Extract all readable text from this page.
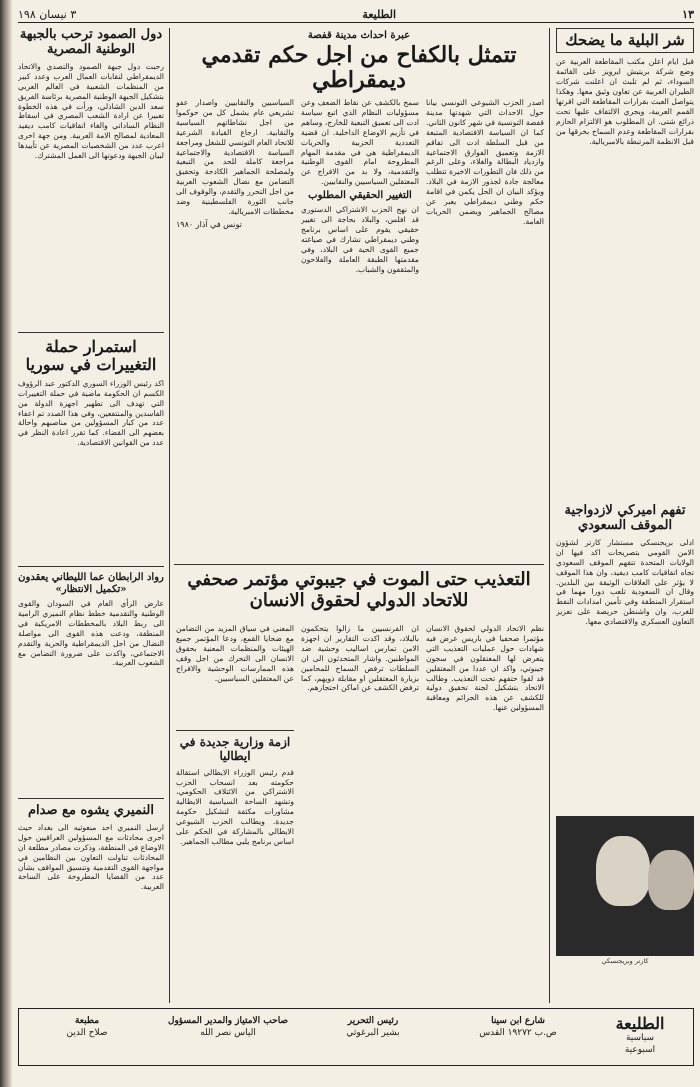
١٣
الطليعة
٣ نيسان ١٩٨
شر البلية ما يضحك

قبل ايام اعلن مكتب المقاطعة العربية عن وضع شركة بريتيش ايرويز على القائمة السوداء، ثم لم تلبث ان اعلنت شركات الطيران العربية عن تعاون وثيق معها. وهكذا يتواصل العبث بقرارات المقاطعة التي اقرتها القمم العربية، ويجري الالتفاف عليها تحت ذرائع شتى. ان المطلوب هو الالتزام الحازم بقرارات المقاطعة وعدم السماح بخرقها من قبل الانظمة المرتبطة بالامبريالية.

تفهم اميركي لازدواجية الموقف السعودي

ادلى بريجنسكي مستشار كارتر لشؤون الامن القومي بتصريحات اكد فيها ان الولايات المتحدة تتفهم الموقف السعودي تجاه اتفاقيات كامب ديفيد، وان هذا الموقف لا يؤثر على العلاقات الوثيقة بين البلدين. وقال ان السعودية تلعب دورا مهما في استقرار المنطقة وفي تأمين امدادات النفط للغرب، وان واشنطن حريصة على تعزيز التعاون العسكري والاقتصادي معها.

كارتر وبريجنسكي
عبرة احداث مدينة قفصة
تتمثل بالكفاح من اجل حكم تقدمي ديمقراطي

اصدر الحزب الشيوعي التونسي بيانا حول الاحداث التي شهدتها مدينة قفصة التونسية في شهر كانون الثاني. كما ان السياسة الاقتصادية المتبعة من قبل السلطة ادت الى تفاقم الازمة وتعميق الفوارق الاجتماعية وازدياد البطالة والغلاء، وعلى الرغم من ذلك فان التطورات الاخيرة تتطلب معالجة جادة لجذور الازمة في البلاد. ويؤكد البيان ان الحل يكمن في اقامة حكم وطني ديمقراطي يعبر عن مصالح الجماهير ويضمن الحريات العامة.

سمح بالكشف عن نقاط الضعف وعن مسؤوليات النظام الذي اتبع سياسة ادت الى تعميق التبعية للخارج، وساهم في تأزيم الاوضاع الداخلية. ان قضية التعددية الحزبية والحريات الديمقراطية هي في مقدمة المهام المطروحة امام القوى الوطنية والتقدمية، ولا بد من الافراج عن المعتقلين السياسيين والنقابيين.

التغيير الحقيقي المطلوب

ان نهج الحزب الاشتراكي الدستوري قد افلس، والبلاد بحاجة الى تغيير حقيقي يقوم على اساس برنامج وطني ديمقراطي تشارك في صياغته جميع القوى الحية في البلاد، وفي مقدمتها الطبقة العاملة والفلاحون والمثقفون والشباب.

السياسيين والنقابيين واصدار عفو تشريعي عام يشمل كل من حوكموا من اجل نشاطاتهم السياسية والنقابية. ارجاع القيادة الشرعية للاتحاد العام التونسي للشغل ومراجعة السياسة الاقتصادية والاجتماعية مراجعة كاملة للحد من التبعية ولمصلحة الجماهير الكادحة وتحقيق التضامن مع نضال الشعوب العربية من اجل التحرر والتقدم، والوقوف الى جانب الثورة الفلسطينية وضد مخططات الامبريالية.

تونس في آذار ١٩٨٠
دول الصمود ترحب بالجبهة الوطنية المصرية

رحبت دول جبهة الصمود والتصدي والاتحاد الديمقراطي لنقابات العمال العرب وعدد كبير من المنظمات الشعبية في العالم العربي بتشكيل الجبهة الوطنية المصرية برئاسة الفريق سعد الدين الشاذلي، ورأت في هذه الخطوة تعبيرا عن ارادة الشعب المصري في اسقاط النظام الساداتي والغاء اتفاقيات كامب ديفيد المعادية لمصالح الامة العربية. ومن جهة اخرى اعرب عدد من الشخصيات المصرية عن تأييدها لبيان الجبهة ودعوتها الى العمل المشترك.

استمرار حملة التغييرات في سوريا

اكد رئيس الوزراء السوري الدكتور عبد الرؤوف الكسم ان الحكومة ماضية في حملة التغييرات التي تهدف الى تطهير اجهزة الدولة من الفاسدين والمنتفعين، وفي هذا الصدد تم اعفاء عدد من كبار المسؤولين من مناصبهم واحالة بعضهم الى القضاء. كما تقرر اعادة النظر في عدد من القوانين الاقتصادية.

رواد الرابطان عما الليطاني يعقدون «تكميل الانتظار»

عارض الرأي العام في السودان والقوى الوطنية والتقدمية خطط نظام النميري الرامية الى ربط البلاد بالمخططات الامريكية في المنطقة، ودعت هذه القوى الى مواصلة النضال من اجل الديمقراطية والحرية والتقدم الاجتماعي، واكدت على ضرورة التضامن مع الشعوب العربية.

النميري يشوه مع صدام

ارسل النميري احد مبعوثيه الى بغداد حيث اجرى محادثات مع المسؤولين العراقيين حول الاوضاع في المنطقة، وذكرت مصادر مطلعة ان المحادثات تناولت التعاون بين النظامين في مواجهة القوى التقدمية وتنسيق المواقف بشأن عدد من القضايا المطروحة على الساحة العربية.

التعذيب حتى الموت في جيبوتي مؤتمر صحفي للاتحاد الدولي لحقوق الانسان

نظم الاتحاد الدولي لحقوق الانسان مؤتمرا صحفيا في باريس عرض فيه شهادات حول عمليات التعذيب التي يتعرض لها المعتقلون في سجون جيبوتي، واكد ان عددا من المعتقلين قد لقوا حتفهم تحت التعذيب. وطالب الاتحاد بتشكيل لجنة تحقيق دولية للكشف عن هذه الجرائم ومعاقبة المسؤولين عنها.

ان الفرنسيين ما زالوا يتحكمون بالبلاد، وقد اكدت التقارير ان اجهزة الامن تمارس اساليب وحشية ضد المواطنين. واشار المتحدثون الى ان السلطات ترفض السماح للمحامين بزيارة المعتقلين او مقابلة ذويهم، كما ترفض الكشف عن اماكن احتجازهم.

المعني في سياق المزيد من التضامن مع ضحايا القمع، ودعا المؤتمر جميع الهيئات والمنظمات المعنية بحقوق الانسان الى التحرك من اجل وقف هذه الممارسات الوحشية والافراج عن المعتقلين السياسيين.

ازمة وزارية جديدة في ايطاليا

قدم رئيس الوزراء الايطالي استقالة حكومته بعد انسحاب الحزب الاشتراكي من الائتلاف الحكومي، وتشهد الساحة السياسية الايطالية مشاورات مكثفة لتشكيل حكومة جديدة. ويطالب الحزب الشيوعي الايطالي بالمشاركة في الحكم على اساس برنامج يلبي مطالب الجماهير.

الطليعة
سياسية
اسبوعية
شارع ابن سينا
ص.ب ١٩٢٧٢ القدس
رئيس التحرير
بشير البرغوثي
صاحب الامتياز والمدير المسؤول
الياس نصر الله
مطبعة
صلاح الدين
